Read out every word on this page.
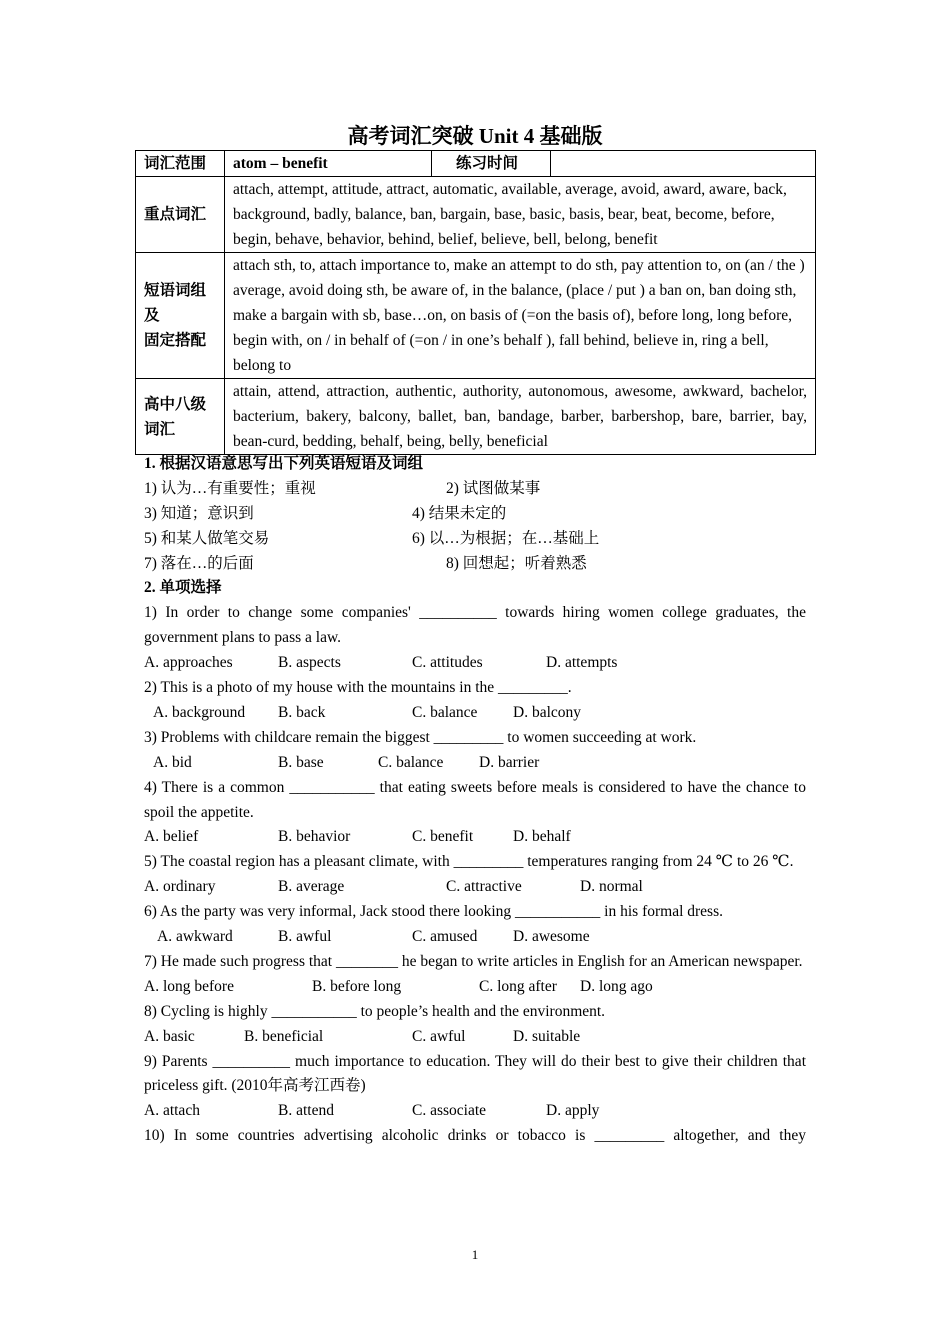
高考词汇突破 Unit 4 基础版
词汇范围	atom – benefit	练习时间	
重点词汇	attach, attempt, attitude, attract, automatic, available, average, avoid, award, aware, back, background, badly, balance, ban, bargain, base, basic, basis, bear, beat, become, before, begin, behave, behavior, behind, belief, believe, bell, belong, benefit		
短语词组及
固定搭配	attach sth, to, attach importance to, make an attempt to do sth, pay attention to, on (an / the ) average, avoid doing sth, be aware of, in the balance, (place / put ) a ban on, ban doing sth, make a bargain with sb, base…on, on basis of (=on the basis of), before long, long before, begin with, on / in behalf of (=on / in one’s behalf ), fall behind, believe in, ring a bell, belong to		
高中八级词汇	attain, attend, attraction, authentic, authority, autonomous, awesome, awkward, bachelor, bacterium, bakery, balcony, ballet, ban, bandage, barber, barbershop, bare, barrier, bay, bean-curd, bedding, behalf, being, belly, beneficial		
1. 根据汉语意思写出下列英语短语及词组
1) 认为…有重要性；重视	2) 试图做某事
3) 知道；意识到	4) 结果未定的
5) 和某人做笔交易	6) 以…为根据；在…基础上
7) 落在…的后面	8) 回想起；听着熟悉
2. 单项选择
1) In order to change some companies' __________ towards hiring women college graduates, the government plans to pass a law.
A. approaches	B. aspects	C. attitudes	D. attempts
2) This is a photo of my house with the mountains in the _________.
A. background B. back	C. balance D. balcony
3) Problems with childcare remain the biggest _________ to women succeeding at work.
A. bid	B. base	C. balance D. barrier
4) There is a common ___________ that eating sweets before meals is considered to have the chance to spoil the appetite.
A. belief	B. behavior	C. benefit	D. behalf
5) The coastal region has a pleasant climate, with _________ temperatures ranging from 24 ℃ to 26 ℃.
A. ordinary	B. average	C. attractive	D. normal
6) As the party was very informal, Jack stood there looking ___________ in his formal dress.
A. awkward	B. awful	C. amused D. awesome
7) He made such progress that ________ he began to write articles in English for an American newspaper.
A. long before	B. before long	C. long after D. long ago
8) Cycling is highly ___________ to people’s health and the environment.
A. basic	B. beneficial	C. awful	D. suitable
9) Parents __________ much importance to education. They will do their best to give their children that priceless gift. (2010年高考江西卷)
A. attach	B. attend	C. associate	D. apply
10) In some countries advertising alcoholic drinks or tobacco is _________ altogether, and they
1
